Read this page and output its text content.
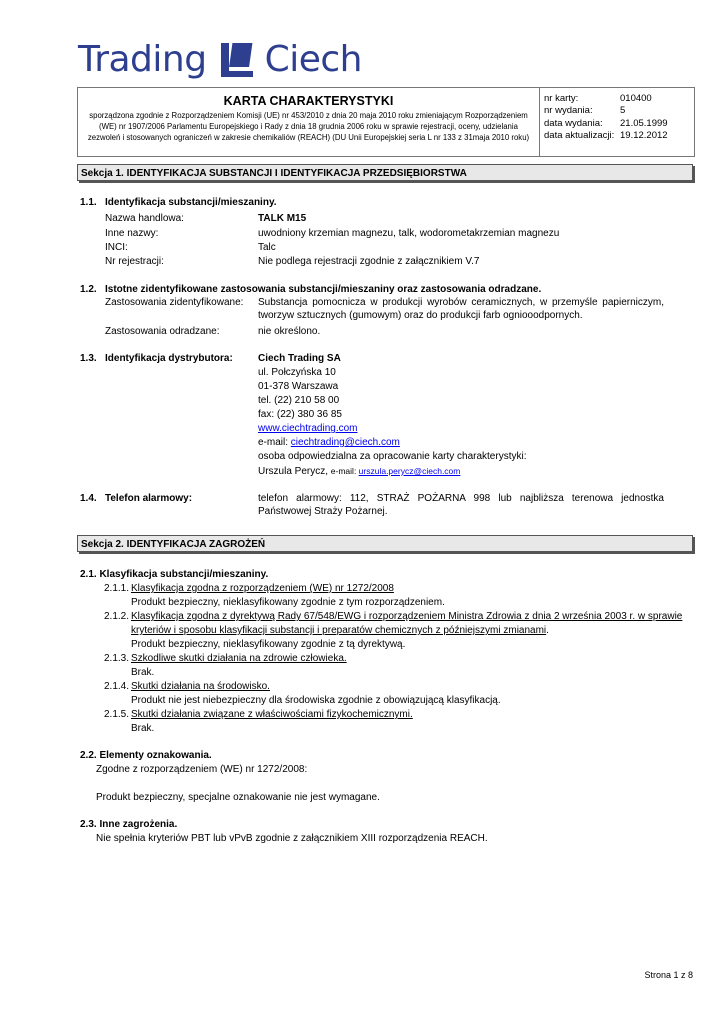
Trading Ciech
KARTA CHARAKTERYSTYKI
sporządzona zgodnie z Rozporządzeniem Komisji (UE) nr 453/2010 z dnia 20 maja 2010 roku zmieniającym Rozporządzeniem
(WE) nr 1907/2006 Parlamentu Europejskiego i Rady z dnia 18 grudnia 2006 roku w sprawie rejestracji, oceny, udzielania
zezwoleń i stosowanych ograniczeń w zakresie chemikaliów (REACH) (DU Unii Europejskiej seria L nr 133 z 31maja 2010 roku)
nr karty:	010400
nr wydania:	5
data wydania: 21.05.1999
data aktualizacji: 19.12.2012
Sekcja 1. IDENTYFIKACJA SUBSTANCJI I IDENTYFIKACJA PRZEDSIĘBIORSTWA
1.1. Identyfikacja substancji/mieszaniny.
Nazwa handlowa:	TALK M15
Inne nazwy:	uwodniony krzemian magnezu, talk, wodorometakrzemian magnezu
INCI:	Talc
Nr rejestracji:	Nie podlega rejestracji zgodnie z załącznikiem V.7
1.2. Istotne zidentyfikowane zastosowania substancji/mieszaniny oraz zastosowania odradzane.
Zastosowania zidentyfikowane: Substancja pomocnicza w produkcji wyrobów ceramicznych, w przemyśle papierniczym, tworzyw sztucznych (gumowym) oraz do produkcji farb ogniooodpornych.
Zastosowania odradzane:	nie określono.
1.3. Identyfikacja dystrybutora:	Ciech Trading SA
ul. Połczyńska 10
01-378 Warszawa
tel. (22) 210 58 00
fax: (22) 380 36 85
www.ciechtrading.com
e-mail: ciechtrading@ciech.com
osoba odpowiedzialna za opracowanie karty charakterystyki:
Urszula Perycz, e-mail: urszula.perycz@ciech.com
1.4. Telefon alarmowy:	telefon alarmowy: 112, STRAŻ POŻARNA 998 lub najbliższa terenowa jednostka Państwowej Straży Pożarnej.
Sekcja 2. IDENTYFIKACJA ZAGROŻEŃ
2.1. Klasyfikacja substancji/mieszaniny.
2.1.1. Klasyfikacja zgodna z rozporządzeniem (WE) nr 1272/2008
Produkt bezpieczny, nieklasyfikowany zgodnie z tym rozporządzeniem.
2.1.2. Klasyfikacja zgodna z dyrektywą Rady 67/548/EWG i rozporządzeniem Ministra Zdrowia z dnia 2 września 2003 r. w sprawie
kryteriów i sposobu klasyfikacji substancji i preparatów chemicznych z późniejszymi zmianami.
Produkt bezpieczny, nieklasyfikowany zgodnie z tą dyrektywą.
2.1.3. Szkodliwe skutki działania na zdrowie człowieka.
Brak.
2.1.4. Skutki działania na środowisko.
Produkt nie jest niebezpieczny dla środowiska zgodnie z obowiązującą klasyfikacją.
2.1.5. Skutki działania związane z właściwościami fizykochemicznymi.
Brak.
2.2. Elementy oznakowania.
Zgodne z rozporządzeniem (WE) nr 1272/2008:
Produkt bezpieczny, specjalne oznakowanie nie jest wymagane.
2.3. Inne zagrożenia.
Nie spełnia kryteriów PBT lub vPvB zgodnie z załącznikiem XIII rozporządzenia REACH.
Strona 1 z 8
